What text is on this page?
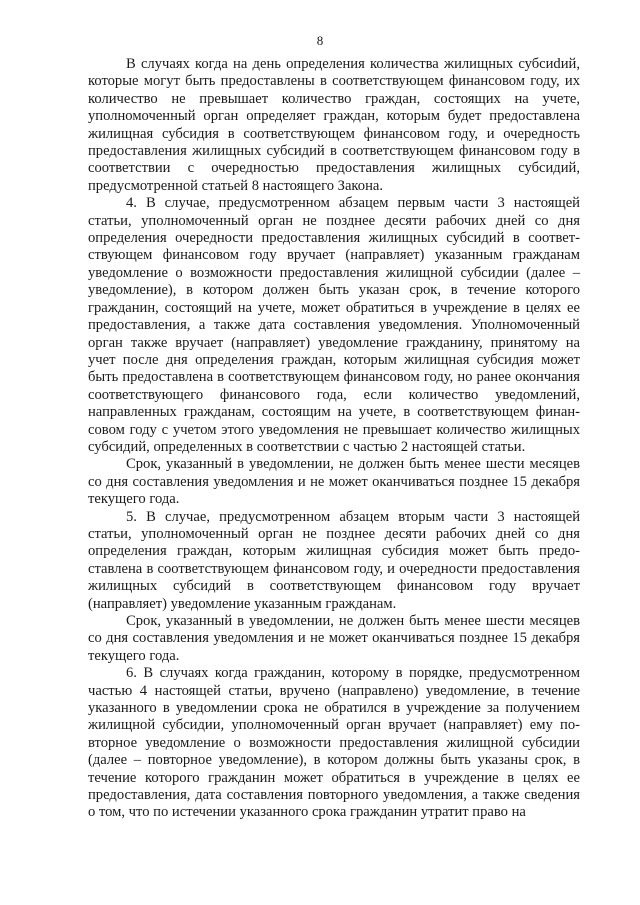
8

В случаях когда на день определения количества жилищных субсиdий, которые могут быть предоставлены в соответствующем финансовом году, их количество не превышает количество граждан, состоящих на учете, уполномоченный орган определяет граждан, которым будет предоставлена жилищная субсидия в соответствующем финансовом году, и очередность предоставления жилищных субсидий в соответствующем финансовом году в соответствии с очередностью предоставления жилищных субсидий, предусмотренной статьей 8 настоящего Закона.

4. В случае, предусмотренном абзацем первым части 3 настоящей статьи, уполномоченный орган не позднее десяти рабочих дней со дня определения очередности предоставления жилищных субсидий в соответствующем финансовом году вручает (направляет) указанным гражданам уведомление о возможности предоставления жилищной субсидии (далее – уведомление), в котором должен быть указан срок, в течение которого гражданин, состоящий на учете, может обратиться в учреждение в целях ее предоставления, а также дата составления уведомления. Уполномоченный орган также вручает (направляет) уведомление гражданину, принятому на учет после дня определения граждан, которым жилищная субсидия может быть предоставлена в соответствующем финансовом году, но ранее окончания соответствующего финансового года, если количество уведомлений, направленных гражданам, состоящим на учете, в соответствующем финансовом году с учетом этого уведомления не превышает количество жилищных субсидий, определенных в соответствии с частью 2 настоящей статьи.

Срок, указанный в уведомлении, не должен быть менее шести месяцев со дня составления уведомления и не может оканчиваться позднее 15 декабря текущего года.

5. В случае, предусмотренном абзацем вторым части 3 настоящей статьи, уполномоченный орган не позднее десяти рабочих дней со дня определения граждан, которым жилищная субсидия может быть предоставлена в соответствующем финансовом году, и очередности предоставления жилищных субсидий в соответствующем финансовом году вручает (направляет) уведомление указанным гражданам.

Срок, указанный в уведомлении, не должен быть менее шести месяцев со дня составления уведомления и не может оканчиваться позднее 15 декабря текущего года.

6. В случаях когда гражданин, которому в порядке, предусмотренном частью 4 настоящей статьи, вручено (направлено) уведомление, в течение указанного в уведомлении срока не обратился в учреждение за получением жилищной субсидии, уполномоченный орган вручает (направляет) ему повторное уведомление о возможности предоставления жилищной субсидии (далее – повторное уведомление), в котором должны быть указаны срок, в течение которого гражданин может обратиться в учреждение в целях ее предоставления, дата составления повторного уведомления, а также сведения о том, что по истечении указанного срока гражданин утратит право на
